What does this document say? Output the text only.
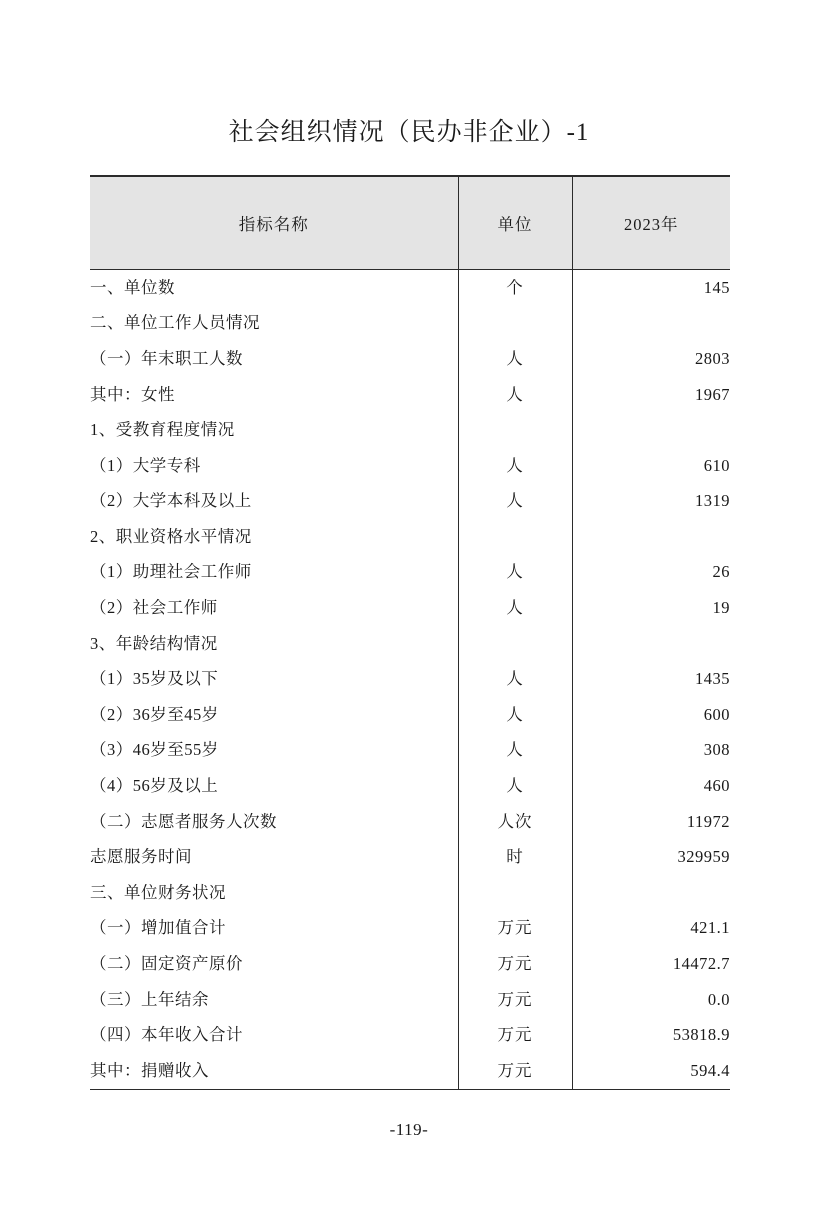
社会组织情况（民办非企业）-1
指标名称	单位	2023年
一、单位数	个	145
二、单位工作人员情况		
（一）年末职工人数	人	2803
其中：女性	人	1967
1、受教育程度情况		
（1）大学专科	人	610
（2）大学本科及以上	人	1319
2、职业资格水平情况		
（1）助理社会工作师	人	26
（2）社会工作师	人	19
3、年龄结构情况		
（1）35岁及以下	人	1435
（2）36岁至45岁	人	600
（3）46岁至55岁	人	308
（4）56岁及以上	人	460
（二）志愿者服务人次数	人次	11972
志愿服务时间	时	329959
三、单位财务状况		
（一）增加值合计	万元	421.1
（二）固定资产原价	万元	14472.7
（三）上年结余	万元	0.0
（四）本年收入合计	万元	53818.9
其中：捐赠收入	万元	594.4
-119-
